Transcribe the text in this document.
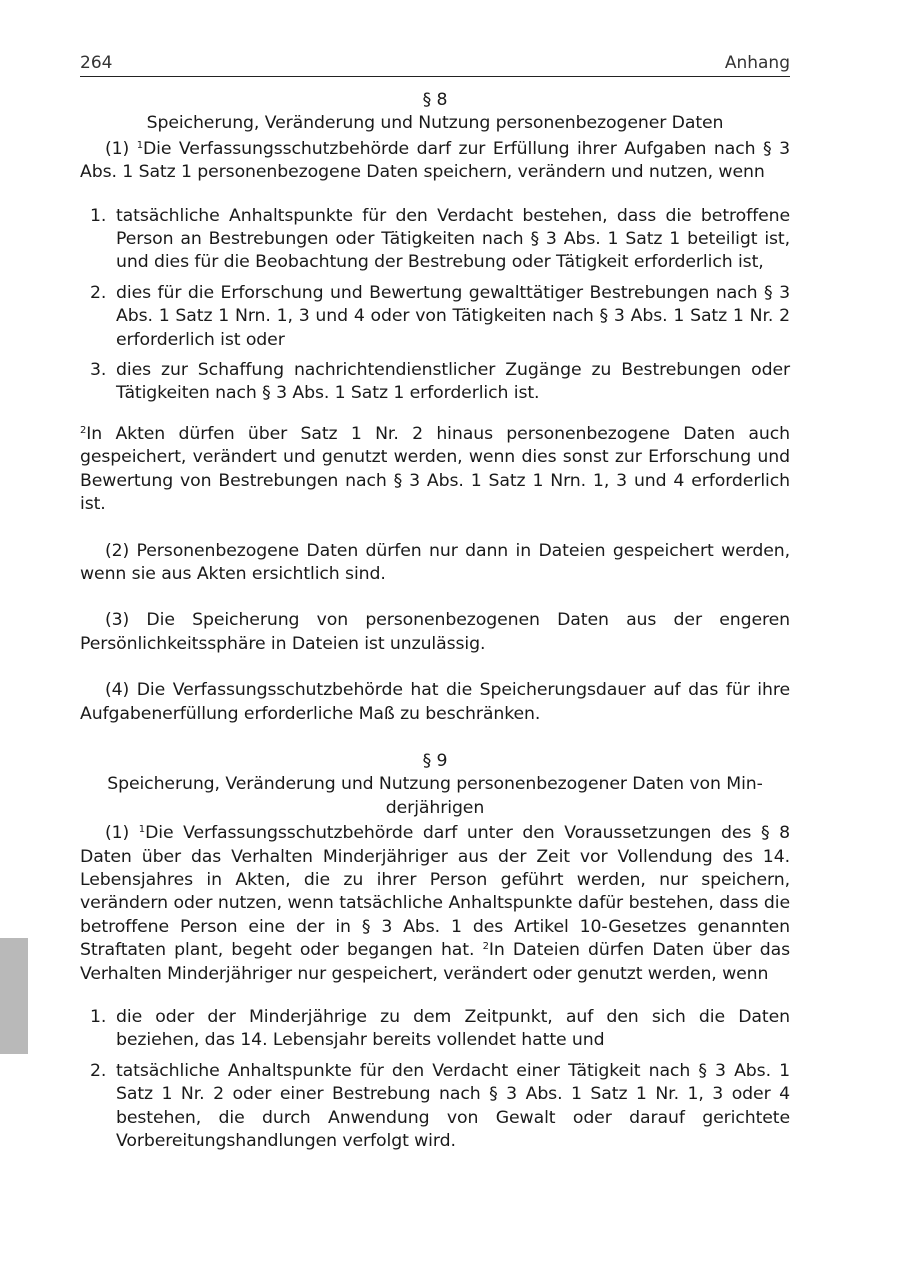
264	Anhang
§ 8
Speicherung, Veränderung und Nutzung personenbezogener Daten

(1) $^1$Die Verfassungsschutzbehörde darf zur Erfüllung ihrer Aufgaben nach § 3 Abs. 1 Satz 1 personenbezogene Daten speichern, verändern und nutzen, wenn

1. tatsächliche Anhaltspunkte für den Verdacht bestehen, dass die betroffene Person an Bestrebungen oder Tätigkeiten nach § 3 Abs. 1 Satz 1 beteiligt ist, und dies für die Beobachtung der Bestrebung oder Tätigkeit erforderlich ist,
2. dies für die Erforschung und Bewertung gewalttätiger Bestrebungen nach § 3 Abs. 1 Satz 1 Nrn. 1, 3 und 4 oder von Tätigkeiten nach § 3 Abs. 1 Satz 1 Nr. 2 erforderlich ist oder
3. dies zur Schaffung nachrichtendienstlicher Zugänge zu Bestrebungen oder Tätigkeiten nach § 3 Abs. 1 Satz 1 erforderlich ist.

$^2$In Akten dürfen über Satz 1 Nr. 2 hinaus personenbezogene Daten auch gespeichert, verändert und genutzt werden, wenn dies sonst zur Erforschung und Bewertung von Bestrebungen nach § 3 Abs. 1 Satz 1 Nrn. 1, 3 und 4 erforderlich ist.

(2) Personenbezogene Daten dürfen nur dann in Dateien gespeichert werden, wenn sie aus Akten ersichtlich sind.

(3) Die Speicherung von personenbezogenen Daten aus der engeren Persönlichkeitssphäre in Dateien ist unzulässig.

(4) Die Verfassungsschutzbehörde hat die Speicherungsdauer auf das für ihre Aufgabenerfüllung erforderliche Maß zu beschränken.

§ 9
Speicherung, Veränderung und Nutzung personenbezogener Daten von Min-
derjährigen

(1) $^1$Die Verfassungsschutzbehörde darf unter den Voraussetzungen des § 8 Daten über das Verhalten Minderjähriger aus der Zeit vor Vollendung des 14. Lebensjahres in Akten, die zu ihrer Person geführt werden, nur speichern, verändern oder nutzen, wenn tatsächliche Anhaltspunkte dafür bestehen, dass die betroffene Person eine der in § 3 Abs. 1 des Artikel 10-Gesetzes genannten Straftaten plant, begeht oder begangen hat. $^2$In Dateien dürfen Daten über das Verhalten Minderjähriger nur gespeichert, verändert oder genutzt werden, wenn

1. die oder der Minderjährige zu dem Zeitpunkt, auf den sich die Daten beziehen, das 14. Lebensjahr bereits vollendet hatte und
2. tatsächliche Anhaltspunkte für den Verdacht einer Tätigkeit nach § 3 Abs. 1 Satz 1 Nr. 2 oder einer Bestrebung nach § 3 Abs. 1 Satz 1 Nr. 1, 3 oder 4 bestehen, die durch Anwendung von Gewalt oder darauf gerichtete Vorbereitungshandlungen verfolgt wird.
